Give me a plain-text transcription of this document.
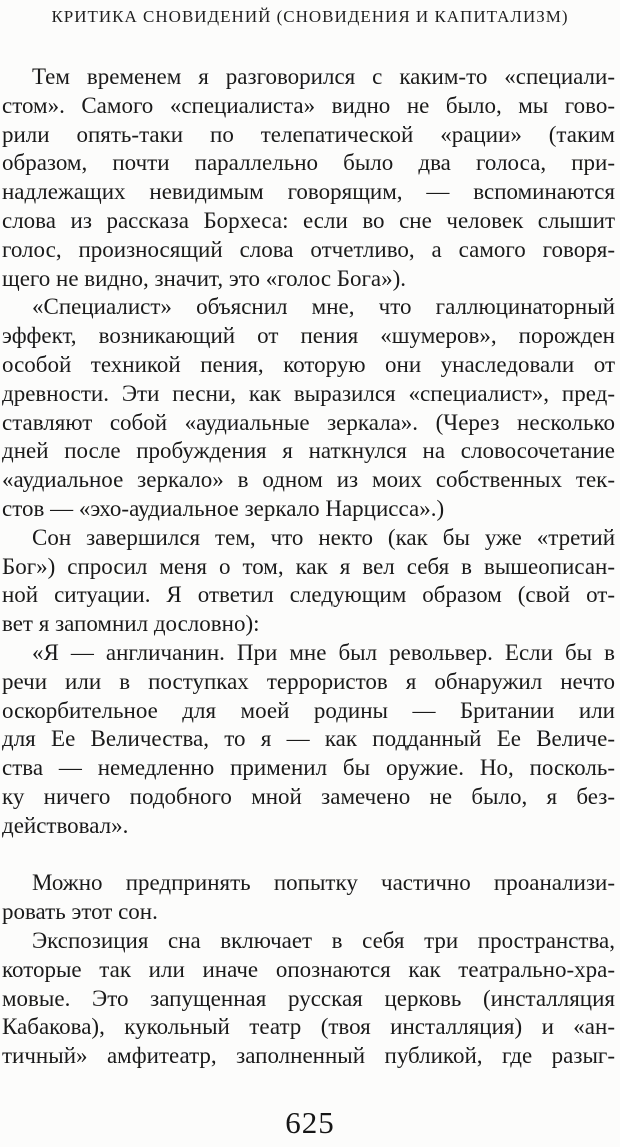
КРИТИКА СНОВИДЕНИЙ (СНОВИДЕНИЯ И КАПИТАЛИЗМ)
Тем временем я разговорился с каким-то «специали-
стом». Самого «специалиста» видно не было, мы гово-
рили опять-таки по телепатической «рации» (таким
образом, почти параллельно было два голоса, при-
надлежащих невидимым говорящим, — вспоминаются
слова из рассказа Борхеса: если во сне человек слышит
голос, произносящий слова отчетливо, а самого говоря-
щего не видно, значит, это «голос Бога»).
«Специалист» объяснил мне, что галлюцинаторный
эффект, возникающий от пения «шумеров», порожден
особой техникой пения, которую они унаследовали от
древности. Эти песни, как выразился «специалист», пред-
ставляют собой «аудиальные зеркала». (Через несколько
дней после пробуждения я наткнулся на словосочетание
«аудиальное зеркало» в одном из моих собственных тек-
стов — «эхо-аудиальное зеркало Нарцисса».)
Сон завершился тем, что некто (как бы уже «третий
Бог») спросил меня о том, как я вел себя в вышеописан-
ной ситуации. Я ответил следующим образом (свой от-
вет я запомнил дословно):
«Я — англичанин. При мне был револьвер. Если бы в
речи или в поступках террористов я обнаружил нечто
оскорбительное для моей родины — Британии или
для Ее Величества, то я — как подданный Ее Величе-
ства — немедленно применил бы оружие. Но, посколь-
ку ничего подобного мной замечено не было, я без-
действовал».
Можно предпринять попытку частично проанализи-
ровать этот сон.
Экспозиция сна включает в себя три пространства,
которые так или иначе опознаются как театрально-хра-
мовые. Это запущенная русская церковь (инсталляция
Кабакова), кукольный театр (твоя инсталляция) и «ан-
тичный» амфитеатр, заполненный публикой, где разыг-
625
